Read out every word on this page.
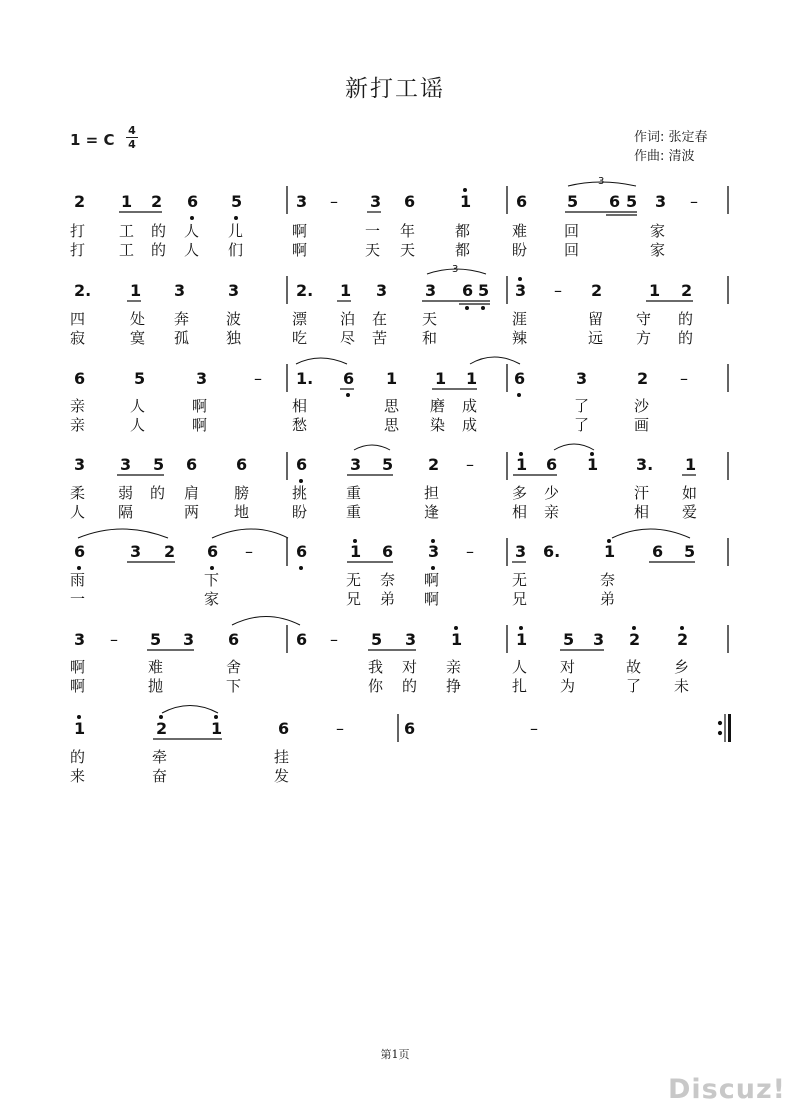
新打工谣
1 = C
4
4	作词: 张定春
作曲: 清波
2 1 2 6 5	3 – 3 6	1	6 5 6 5 3 –
3
打 工 的 人 儿	啊	一 年	都	难 回	家
打 工 的 人 们	啊	天 天	都	盼 回	家
2. 1 3	3	2. 1 3 3 6 5 3 – 2	1 2
3
四	处 奔 波	漂 泊 在 天	涯	留 守 的
寂	寞 孤 独	吃 尽 苦 和	辣	远 方 的
6	5	3	– 1. 6 1 1 1 6	3	2 –
亲	人	啊	相	思 磨 成	了	沙
亲	人	啊	愁	思 染 成	了	画
3 3 5 6 6	6	3 5 2 –	1 6 1 3. 1
柔 弱 的 肩 膀	挑	重	担	多 少	汗 如
人 隔	两 地	盼	重	逢	相 亲	相 爱
6	3 2 6 –	6	1 6 3 –	3 6.	1 6 5
雨	下	无 奈 啊	无	奈
一	家	兄 弟 啊	兄	弟
3 – 5 3 6	6 – 5 3 1	1 5 3 2 2
啊	难	舍	我 对 亲	人 对	故 乡
啊	抛	下	你 的 挣	扎 为	了 未
1	2	1	6	–	6	–
的	牵	挂
来	奋	发
第1页
Discuz!
